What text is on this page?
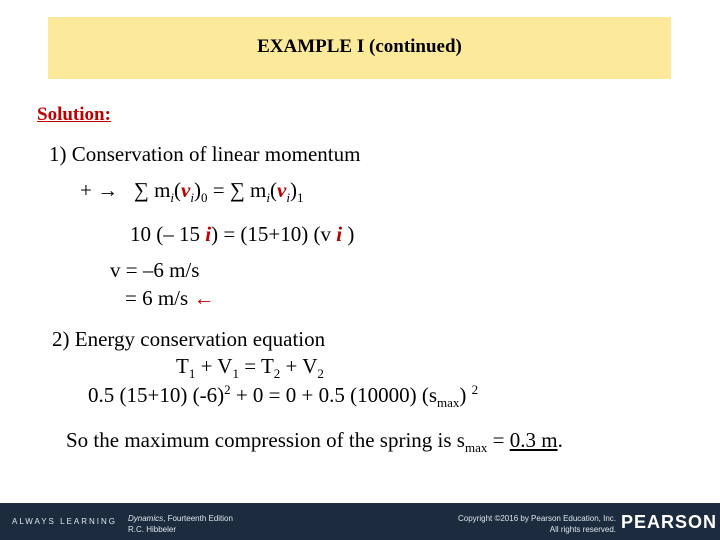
EXAMPLE I (continued)
Solution:
1) Conservation of linear momentum
+ → ∑ $m_i(v_i)_0$ = ∑ $m_i(v_i)_1$
10 (– 15 i) = (15+10) (v i )
v = –6 m/s
= 6 m/s ←
2) Energy conservation equation
$T_1 + V_1 = T_2 + V_2$
0.5 (15+10) $(-6)^2 + 0 = 0 + 0.5$ (10000) $(s_{max})$ $^2$
So the maximum compression of the spring is $s_{max} = 0.3$ m.
ALWAYS LEARNING Dynamics, Fourteenth Edition
R.C. Hibbeler
Copyright ©2016 by Pearson Education, Inc.
All rights reserved. PEARSON
